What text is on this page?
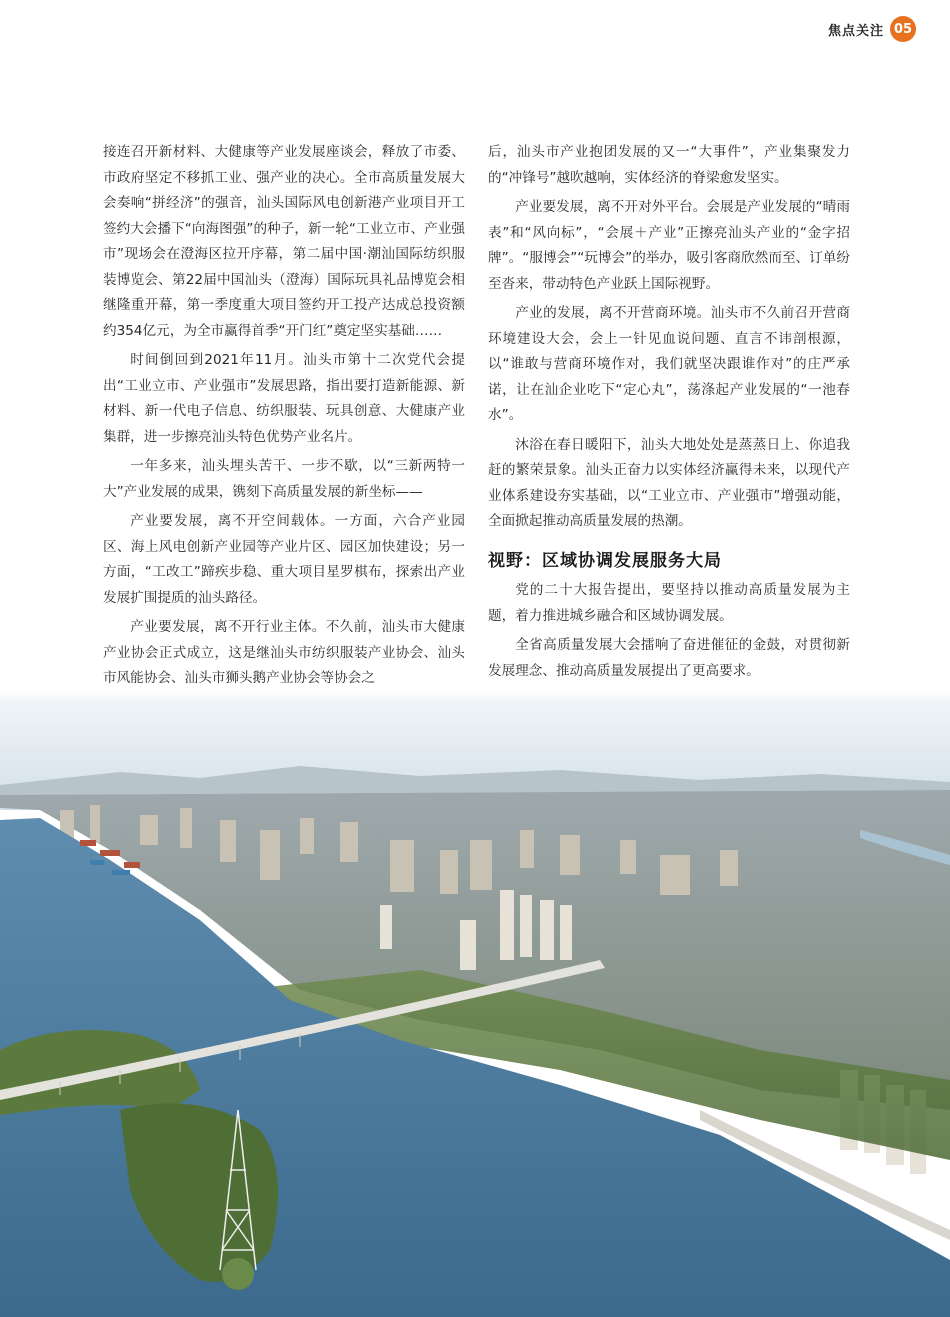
焦点关注 05

接连召开新材料、大健康等产业发展座谈会，释放了市委、市政府坚定不移抓工业、强产业的决心。全市高质量发展大会奏响“拼经济”的强音，汕头国际风电创新港产业项目开工签约大会播下“向海图强”的种子，新一轮“工业立市、产业强市”现场会在澄海区拉开序幕，第二届中国·潮汕国际纺织服装博览会、第22届中国汕头（澄海）国际玩具礼品博览会相继隆重开幕，第一季度重大项目签约开工投产达成总投资额约354亿元，为全市赢得首季“开门红”奠定坚实基础……

时间倒回到2021年11月。汕头市第十二次党代会提出“工业立市、产业强市”发展思路，指出要打造新能源、新材料、新一代电子信息、纺织服装、玩具创意、大健康产业集群，进一步擦亮汕头特色优势产业名片。

一年多来，汕头埋头苦干、一步不歇，以“三新两特一大”产业发展的成果，镌刻下高质量发展的新坐标——

产业要发展，离不开空间载体。一方面，六合产业园区、海上风电创新产业园等产业片区、园区加快建设；另一方面，“工改工”蹄疾步稳、重大项目星罗棋布，探索出产业发展扩围提质的汕头路径。

产业要发展，离不开行业主体。不久前，汕头市大健康产业协会正式成立，这是继汕头市纺织服装产业协会、汕头市风能协会、汕头市狮头鹅产业协会等协会之

后，汕头市产业抱团发展的又一“大事件”，产业集聚发力的“冲锋号”越吹越响，实体经济的脊梁愈发坚实。

产业要发展，离不开对外平台。会展是产业发展的“晴雨表”和“风向标”，“会展＋产业”正擦亮汕头产业的“金字招牌”。“服博会”“玩博会”的举办，吸引客商欣然而至、订单纷至沓来，带动特色产业跃上国际视野。

产业的发展，离不开营商环境。汕头市不久前召开营商环境建设大会，会上一针见血说问题、直言不讳剖根源，以“谁敢与营商环境作对，我们就坚决跟谁作对”的庄严承诺，让在汕企业吃下“定心丸”，荡涤起产业发展的“一池春水”。

沐浴在春日暖阳下，汕头大地处处是蒸蒸日上、你追我赶的繁荣景象。汕头正奋力以实体经济赢得未来，以现代产业体系建设夯实基础，以“工业立市、产业强市”增强动能，全面掀起推动高质量发展的热潮。

视野：区域协调发展服务大局

党的二十大报告提出，要坚持以推动高质量发展为主题，着力推进城乡融合和区域协调发展。

全省高质量发展大会擂响了奋进催征的金鼓，对贯彻新发展理念、推动高质量发展提出了更高要求。
